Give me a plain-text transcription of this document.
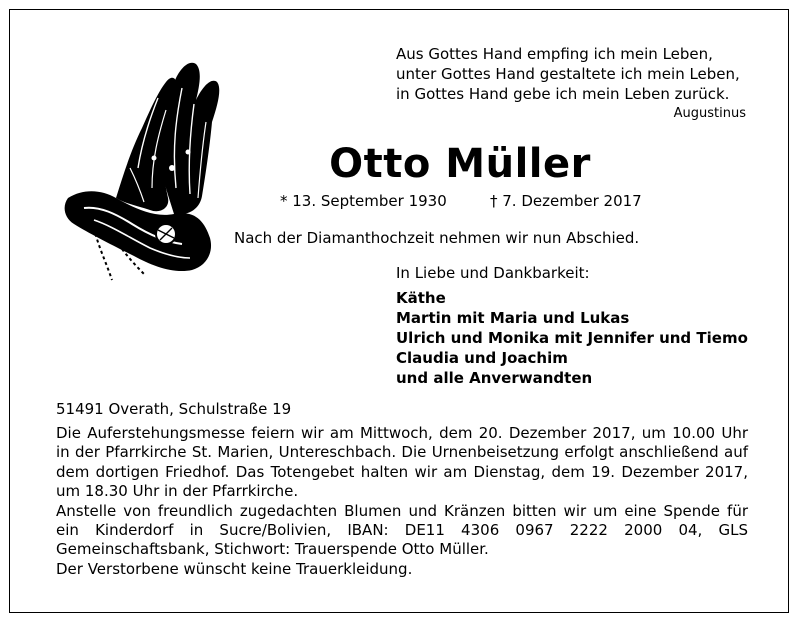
Aus Gottes Hand empfing ich mein Leben,
unter Gottes Hand gestaltete ich mein Leben,
in Gottes Hand gebe ich mein Leben zurück.
Augustinus
Otto Müller
* 13. September 1930	† 7. Dezember 2017
Nach der Diamanthochzeit nehmen wir nun Abschied.
In Liebe und Dankbarkeit:
Käthe
Martin mit Maria und Lukas
Ulrich und Monika mit Jennifer und Tiemo
Claudia und Joachim
und alle Anverwandten
51491 Overath, Schulstraße 19
Die Auferstehungsmesse feiern wir am Mittwoch, dem 20. Dezember 2017, um 10.00 Uhr in der Pfarrkirche St. Marien, Untereschbach. Die Urnenbeisetzung erfolgt anschließend auf dem dortigen Friedhof. Das Totengebet halten wir am Dienstag, dem 19. Dezember 2017, um 18.30 Uhr in der Pfarrkirche.
Anstelle von freundlich zugedachten Blumen und Kränzen bitten wir um eine Spende für ein Kinderdorf in Sucre/Bolivien, IBAN: DE11 4306 0967 2222 2000 04, GLS Gemeinschaftsbank, Stichwort: Trauerspende Otto Müller.
Der Verstorbene wünscht keine Trauerkleidung.
